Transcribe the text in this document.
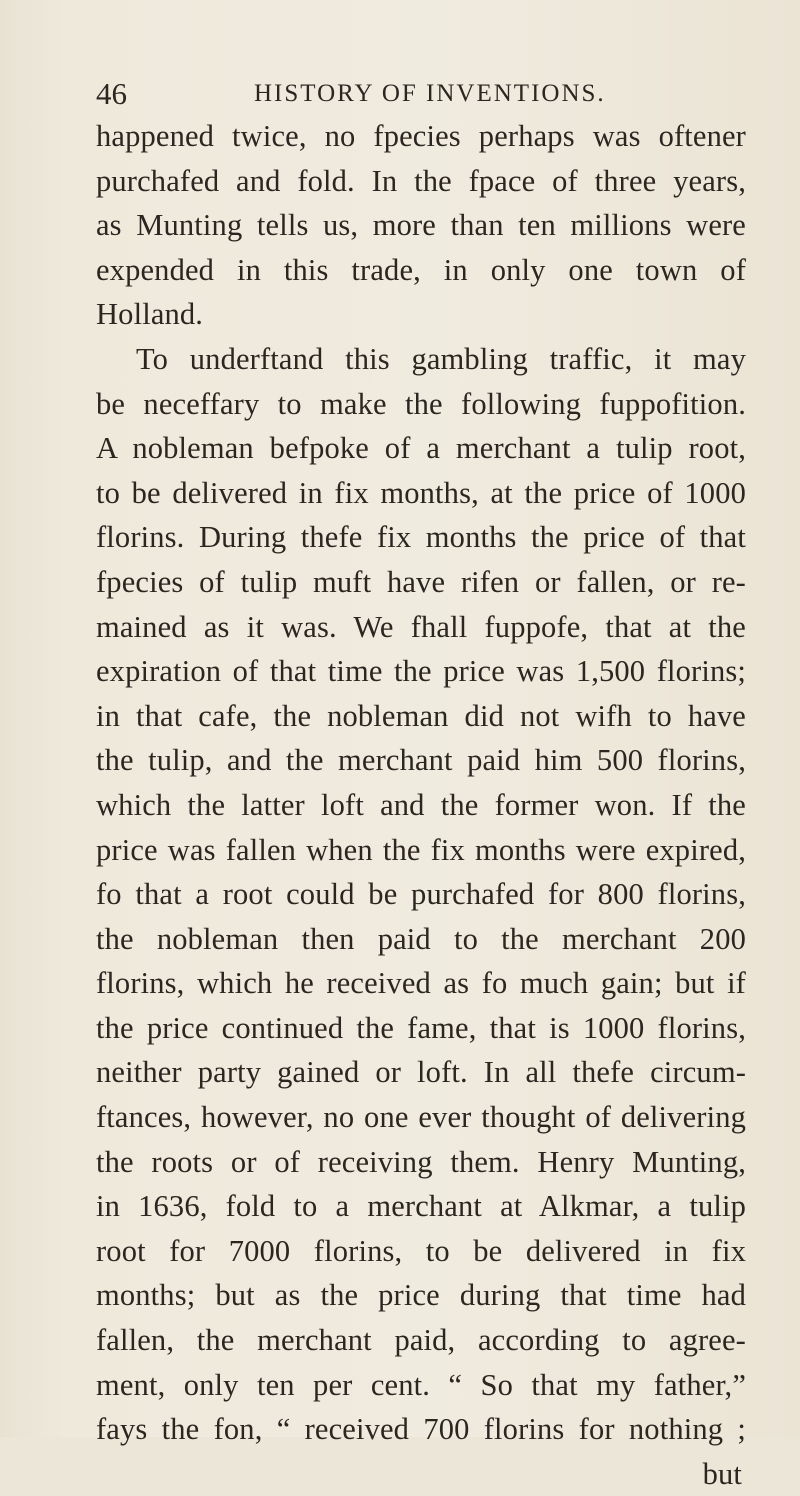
46	HISTORY OF INVENTIONS.
happened twice, no fpecies perhaps was oftener
purchafed and fold. In the fpace of three years,
as Munting tells us, more than ten millions were
expended in this trade, in only one town of
Holland.
To underftand this gambling traffic, it may
be neceffary to make the following fuppofition.
A nobleman befpoke of a merchant a tulip root,
to be delivered in fix months, at the price of 1000
florins. During thefe fix months the price of that
fpecies of tulip muft have rifen or fallen, or re-
mained as it was. We fhall fuppofe, that at the
expiration of that time the price was 1,500 florins;
in that cafe, the nobleman did not wifh to have
the tulip, and the merchant paid him 500 florins,
which the latter loft and the former won. If the
price was fallen when the fix months were expired,
fo that a root could be purchafed for 800 florins,
the nobleman then paid to the merchant 200
florins, which he received as fo much gain; but if
the price continued the fame, that is 1000 florins,
neither party gained or loft. In all thefe circum-
ftances, however, no one ever thought of delivering
the roots or of receiving them. Henry Munting,
in 1636, fold to a merchant at Alkmar, a tulip
root for 7000 florins, to be delivered in fix
months; but as the price during that time had
fallen, the merchant paid, according to agree-
ment, only ten per cent. “ So that my father,”
fays the fon, “ received 700 florins for nothing ;
but
